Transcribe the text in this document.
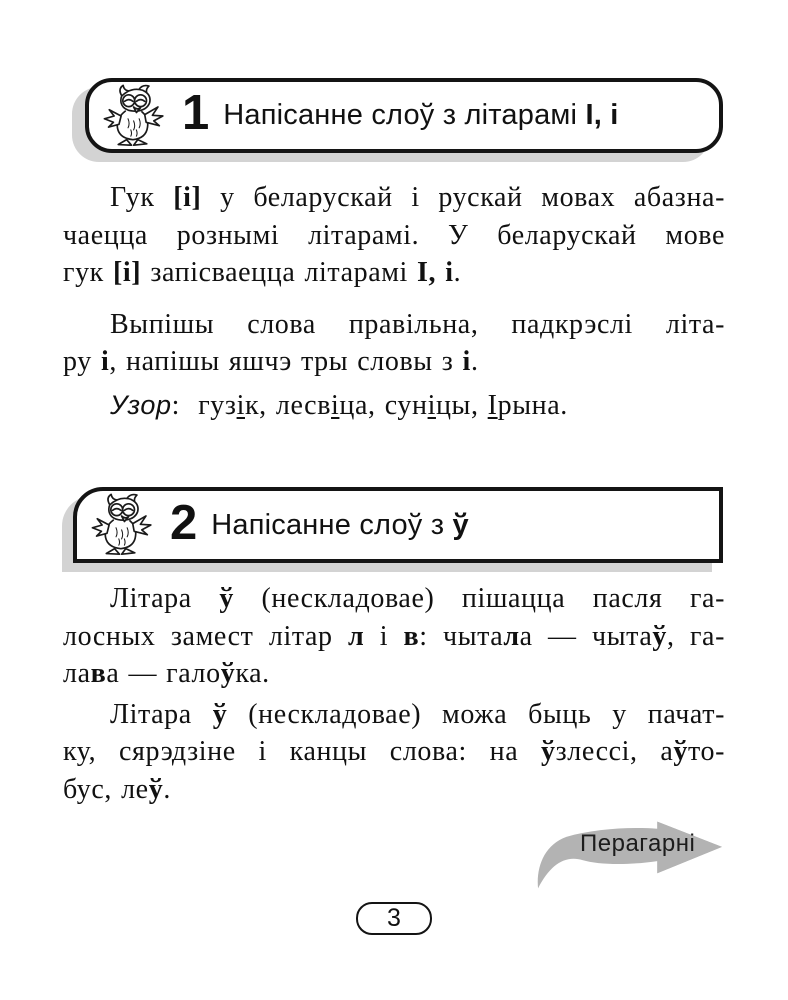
1 Напісанне слоў з літарамі І, і

Гук [і] у беларускай і рускай мовах абазна-
чаецца рознымі літарамі. У беларускай мове
гук [і] запісваецца літарамі І, і.

Выпішы слова правільна, падкрэслі літа-
ру і, напішы яшчэ тры словы з і.

Узор:  гузік, лесвіца, суніцы, Ірына.

2 Напісанне слоў з ў

Літара ў (нескладовае) пішацца пасля га-
лосных замест літар л і в: чытала — чытаў, га-
лава — галоўка.

Літара ў (нескладовае) можа быць у пачат-
ку, сярэдзіне і канцы слова: на ўзлессі, аўто-
бус, леў.

Перагарні
3
